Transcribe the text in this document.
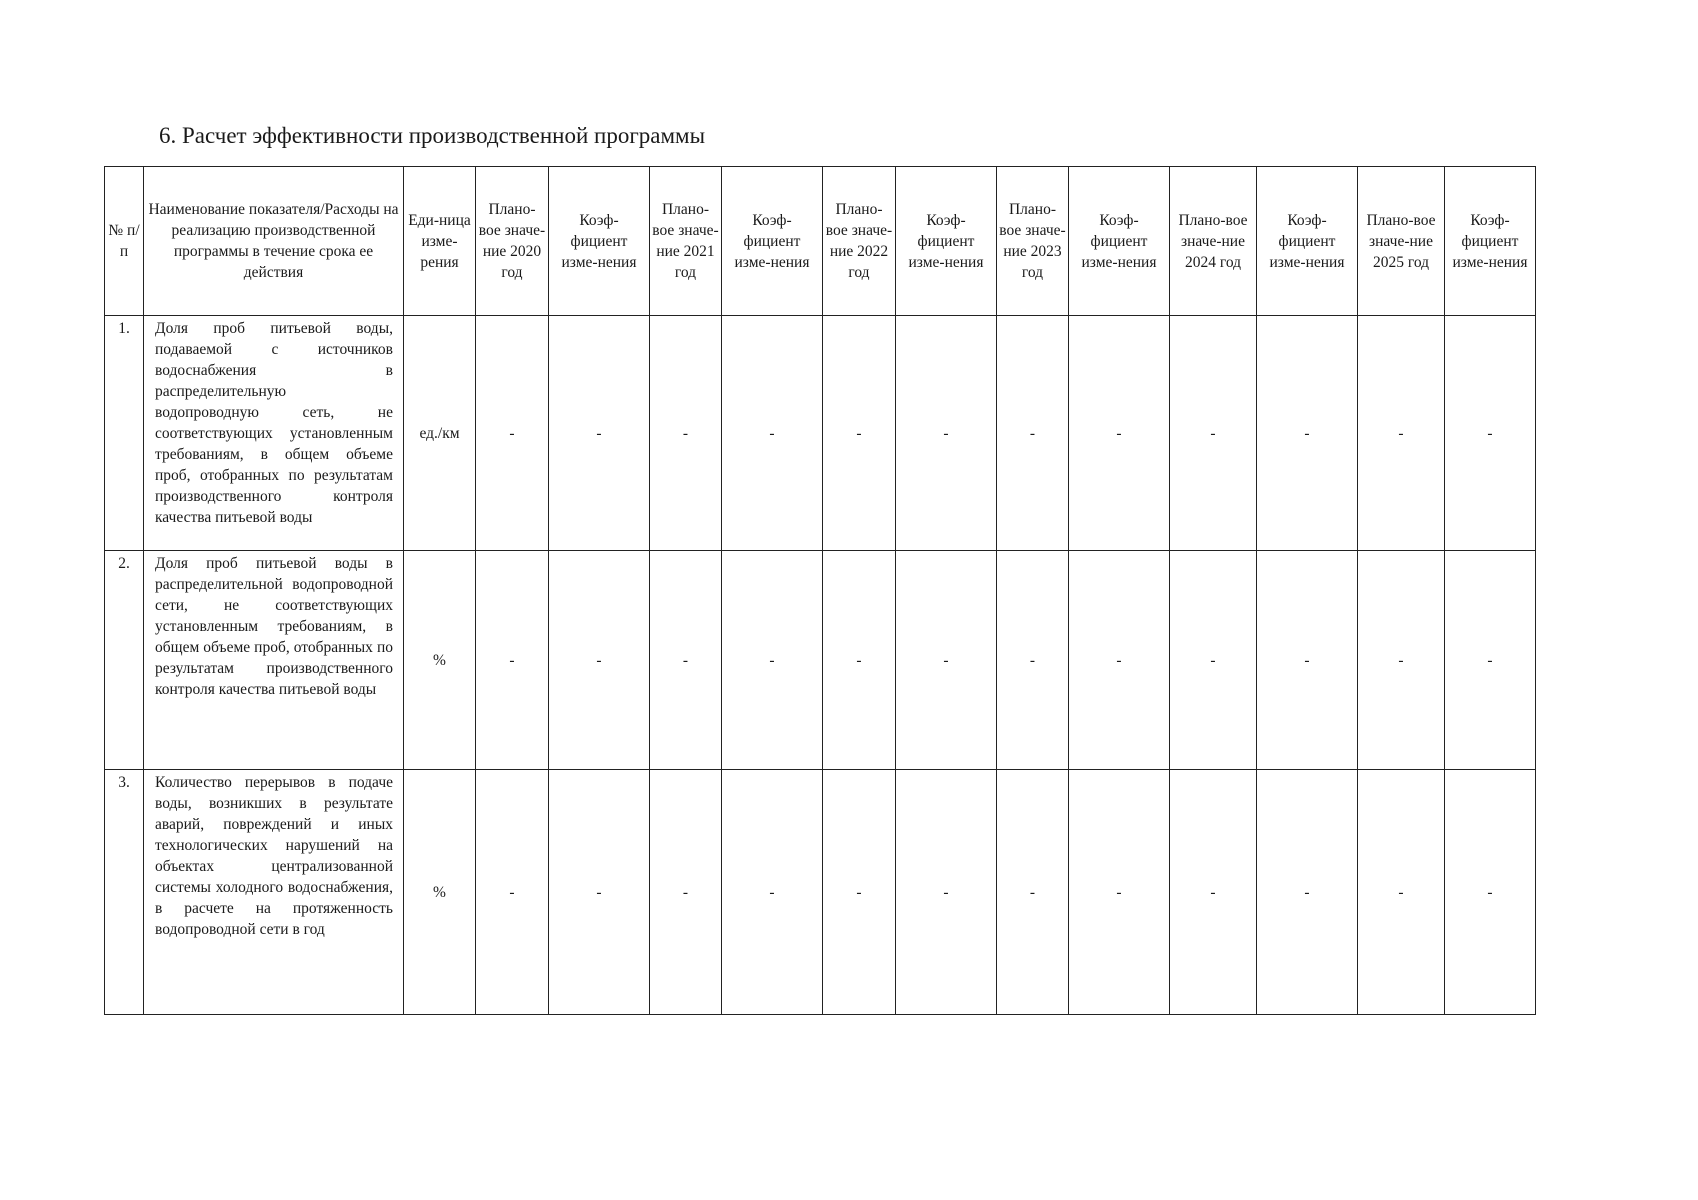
6. Расчет эффективности производственной программы
№ п/п	Наименование показателя/Расходы на реализацию производственной программы в течение срока ее действия	Еди-ница изме-рения	Плано-вое значе-ние 2020 год	Коэф-фициент изме-нения	Плано-вое значе-ние 2021 год	Коэф-фициент изме-нения	Плано-вое значе-ние 2022 год	Коэф-фициент изме-нения	Плано-вое значе-ние 2023 год	Коэф-фициент изме-нения	Плано-вое значе-ние 2024 год	Коэф-фициент изме-нения	Плано-вое значе-ние 2025 год	Коэф-фициент изме-нения
1.	Доля проб питьевой воды, подаваемой с источников водоснабжения в распределительную водопроводную сеть, не соответствующих установленным требованиям, в общем объеме проб, отобранных по результатам производственного контроля качества питьевой воды	ед./км	-	-	-	-	-	-	-	-	-	-	-	-
2.	Доля проб питьевой воды в распределительной водопроводной сети, не соответствующих установленным требованиям, в общем объеме проб, отобранных по результатам производственного контроля качества питьевой воды	%	-	-	-	-	-	-	-	-	-	-	-	-
3.	Количество перерывов в подаче воды, возникших в результате аварий, повреждений и иных технологических нарушений на объектах централизованной системы холодного водоснабжения, в расчете на протяженность водопроводной сети в год	%	-	-	-	-	-	-	-	-	-	-	-	-
